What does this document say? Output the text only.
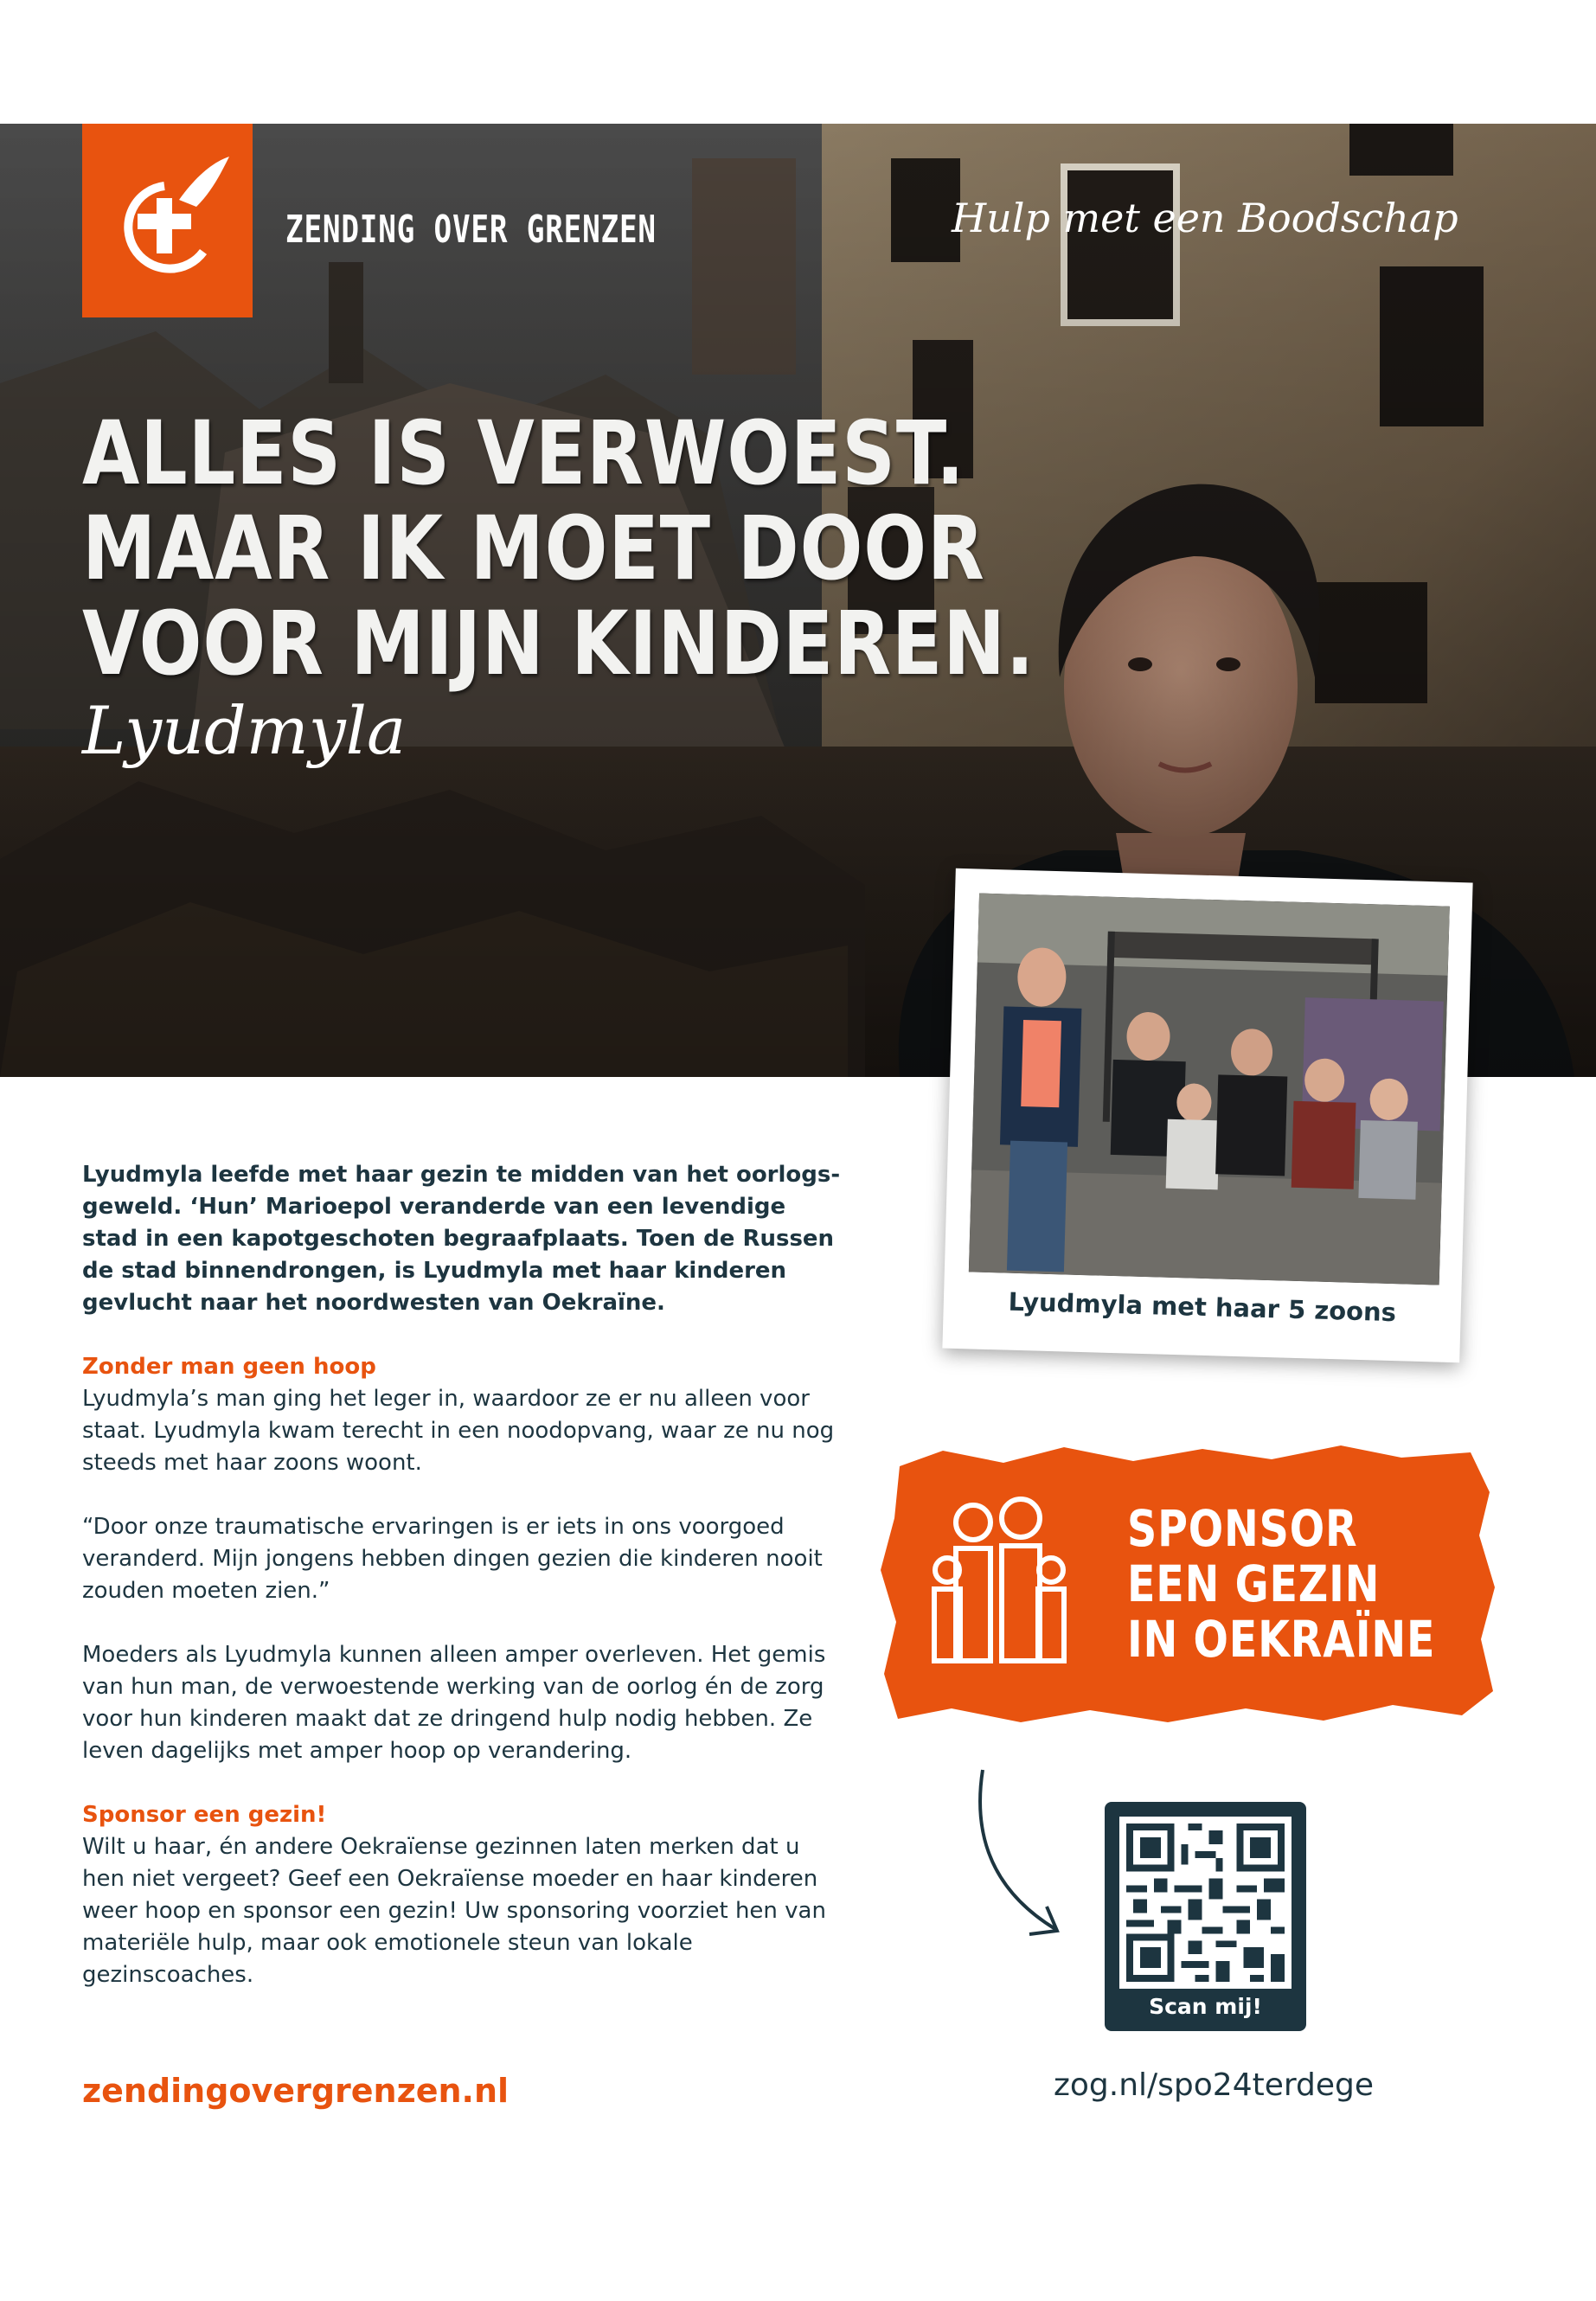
ZENDING OVER GRENZEN	Hulp met een Boodschap
ALLES IS VERWOEST.
MAAR IK MOET DOOR
VOOR MIJN KINDEREN.
Lyudmyla
Lyudmyla met haar 5 zoons

Lyudmyla leefde met haar gezin te midden van het oorlogs-geweld. ‘Hun’ Marioepol veranderde van een levendige stad in een kapotgeschoten begraafplaats. Toen de Russen de stad binnendrongen, is Lyudmyla met haar kinderen gevlucht naar het noordwesten van Oekraïne.

Zonder man geen hoop
Lyudmyla’s man ging het leger in, waardoor ze er nu alleen voor staat. Lyudmyla kwam terecht in een noodopvang, waar ze nu nog steeds met haar zoons woont.

“Door onze traumatische ervaringen is er iets in ons voorgoed veranderd. Mijn jongens hebben dingen gezien die kinderen nooit zouden moeten zien.”

Moeders als Lyudmyla kunnen alleen amper overleven. Het gemis van hun man, de verwoestende werking van de oorlog én de zorg voor hun kinderen maakt dat ze dringend hulp nodig hebben. Ze leven dagelijks met amper hoop op verandering.

Sponsor een gezin!
Wilt u haar, én andere Oekraïense gezinnen laten merken dat u hen niet vergeet? Geef een Oekraïense moeder en haar kinderen weer hoop en sponsor een gezin! Uw sponsoring voorziet hen van materiële hulp, maar ook emotionele steun van lokale gezinscoaches.

zendingovergrenzen.nl
SPONSOR
EEN GEZIN
IN OEKRAÏNE
Scan mij!
zog.nl/spo24terdege
